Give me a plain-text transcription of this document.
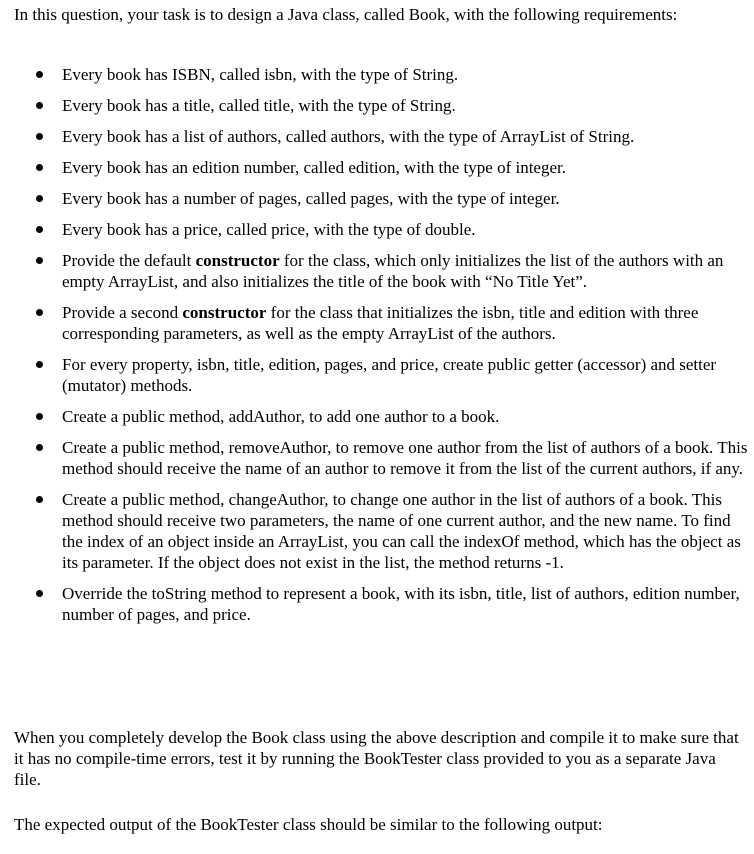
In this question, your task is to design a Java class, called Book, with the following requirements:

Every book has ISBN, called isbn, with the type of String.
Every book has a title, called title, with the type of String.
Every book has a list of authors, called authors, with the type of ArrayList of String.
Every book has an edition number, called edition, with the type of integer.
Every book has a number of pages, called pages, with the type of integer.
Every book has a price, called price, with the type of double.
Provide the default constructor for the class, which only initializes the list of the authors with an empty ArrayList, and also initializes the title of the book with “No Title Yet”.
Provide a second constructor for the class that initializes the isbn, title and edition with three corresponding parameters, as well as the empty ArrayList of the authors.
For every property, isbn, title, edition, pages, and price, create public getter (accessor) and setter (mutator) methods.
Create a public method, addAuthor, to add one author to a book.
Create a public method, removeAuthor, to remove one author from the list of authors of a book. This method should receive the name of an author to remove it from the list of the current authors, if any.
Create a public method, changeAuthor, to change one author in the list of authors of a book. This method should receive two parameters, the name of one current author, and the new name. To find the index of an object inside an ArrayList, you can call the indexOf method, which has the object as its parameter. If the object does not exist in the list, the method returns -1.
Override the toString method to represent a book, with its isbn, title, list of authors, edition number, number of pages, and price.

When you completely develop the Book class using the above description and compile it to make sure that it has no compile-time errors, test it by running the BookTester class provided to you as a separate Java file.

The expected output of the BookTester class should be similar to the following output:
